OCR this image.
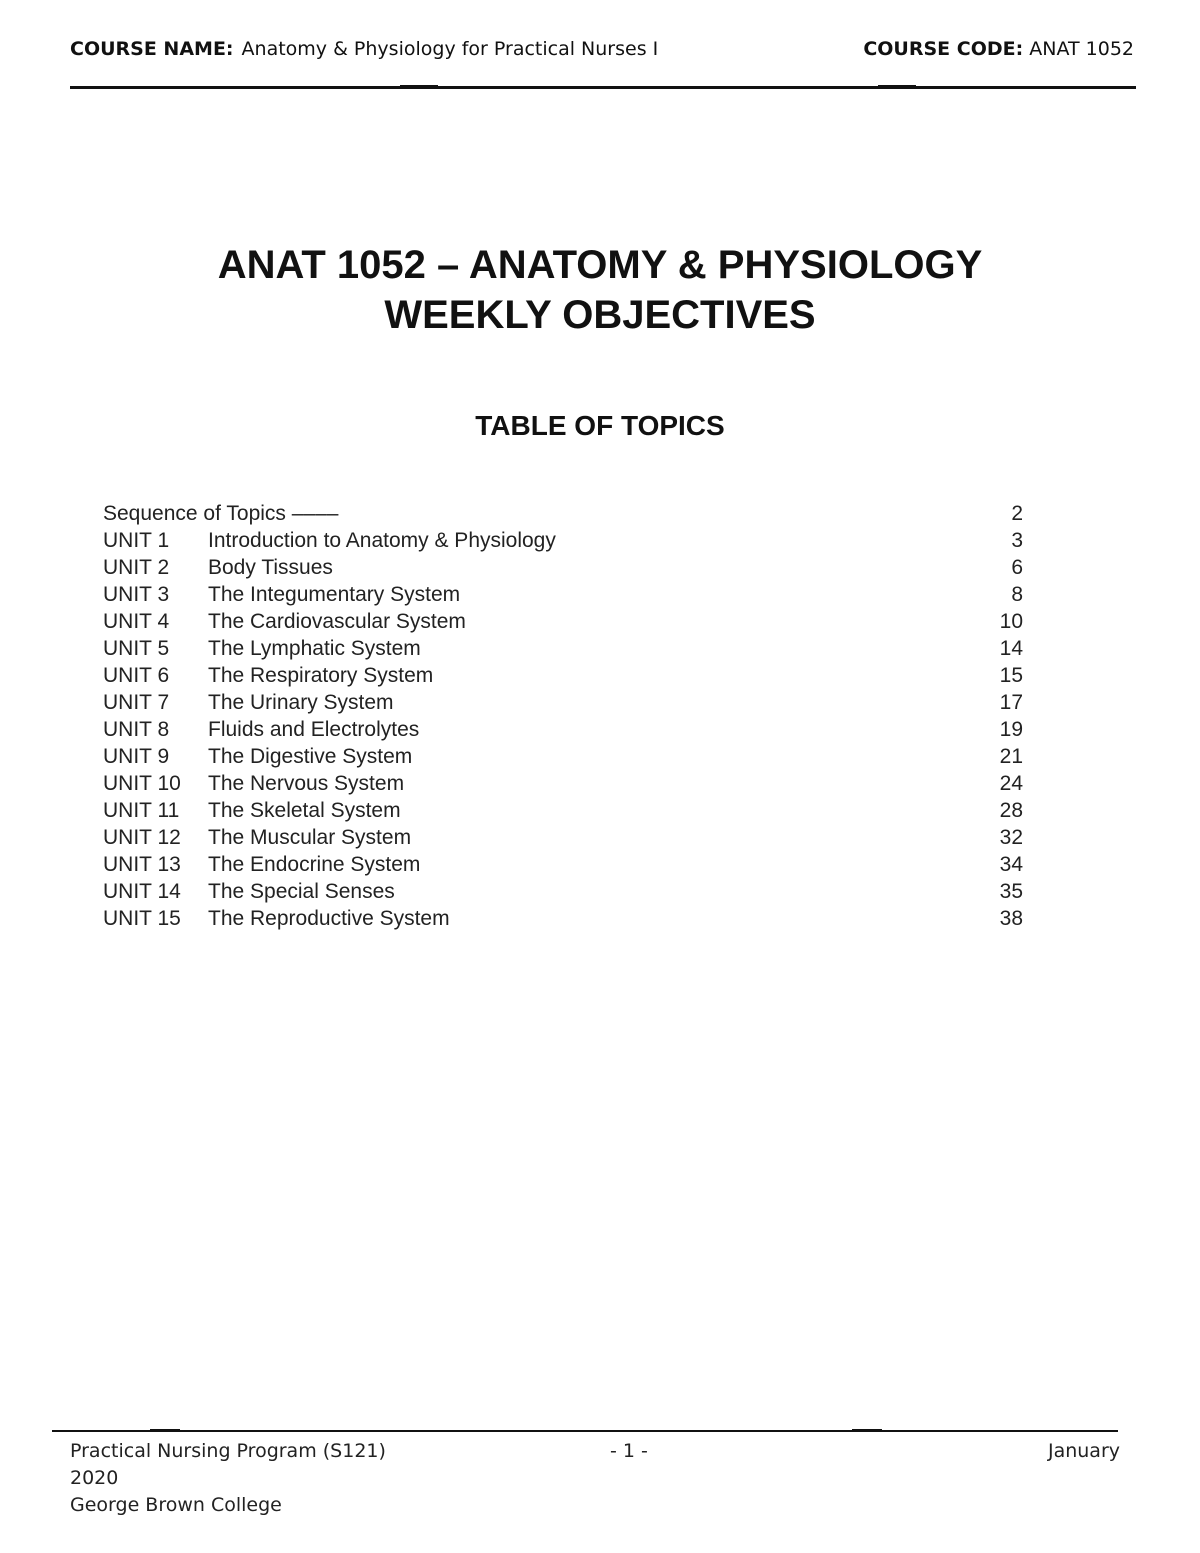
COURSE NAME: Anatomy & Physiology for Practical Nurses I	COURSE CODE: ANAT 1052
ANAT 1052 – ANATOMY & PHYSIOLOGY
WEEKLY OBJECTIVES
TABLE OF TOPICS
Sequence of Topics ––––	2
UNIT 1 Introduction to Anatomy & Physiology	3
UNIT 2 Body Tissues	6
UNIT 3 The Integumentary System	8
UNIT 4 The Cardiovascular System	10
UNIT 5 The Lymphatic System	14
UNIT 6 The Respiratory System	15
UNIT 7 The Urinary System	17
UNIT 8 Fluids and Electrolytes	19
UNIT 9 The Digestive System	21
UNIT 10 The Nervous System	24
UNIT 11 The Skeletal System	28
UNIT 12 The Muscular System	32
UNIT 13 The Endocrine System	34
UNIT 14 The Special Senses	35
UNIT 15 The Reproductive System	38
Practical Nursing Program (S121)	- 1 -	January
2020
George Brown College
